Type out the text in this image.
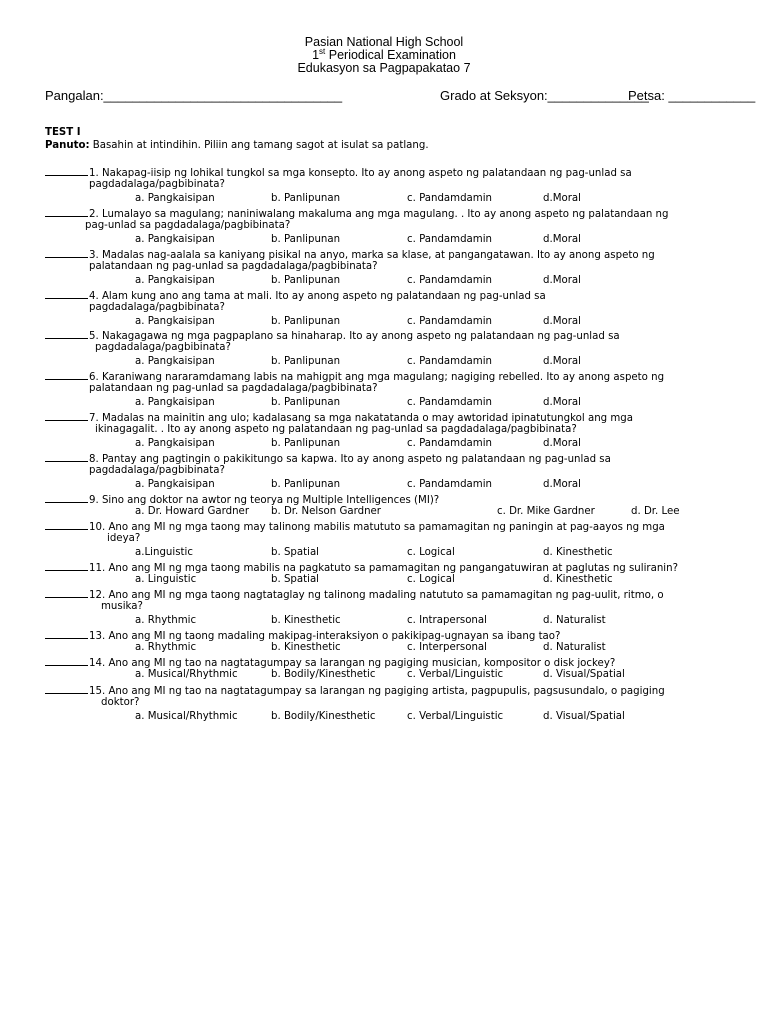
Pasian National High School
1st Periodical Examination
Edukasyon sa Pagpapakatao 7
Pangalan:_________________________________	Grado at Seksyon:______________
Petsa: ____________
TEST I
Panuto: Basahin at intindihin. Piliin ang tamang sagot at isulat sa patlang.
1. Nakapag-iisip ng lohikal tungkol sa mga konsepto. Ito ay anong aspeto ng palatandaan ng pag-unlad sa
pagdadalaga/pagbibinata?
a. Pangkaisipan	b. Panlipunan	c. Pandamdamin	d.Moral
2. Lumalayo sa magulang; naniniwalang makaluma ang mga magulang. . Ito ay anong aspeto ng palatandaan ng
pag-unlad sa pagdadalaga/pagbibinata?
a. Pangkaisipan	b. Panlipunan	c. Pandamdamin	d.Moral
3. Madalas nag-aalala sa kaniyang pisikal na anyo, marka sa klase, at pangangatawan. Ito ay anong aspeto ng
palatandaan ng pag-unlad sa pagdadalaga/pagbibinata?
a. Pangkaisipan	b. Panlipunan	c. Pandamdamin	d.Moral
4. Alam kung ano ang tama at mali. Ito ay anong aspeto ng palatandaan ng pag-unlad sa
pagdadalaga/pagbibinata?
a. Pangkaisipan	b. Panlipunan	c. Pandamdamin	d.Moral
5. Nakagagawa ng mga pagpaplano sa hinaharap. Ito ay anong aspeto ng palatandaan ng pag-unlad sa
pagdadalaga/pagbibinata?
a. Pangkaisipan	b. Panlipunan	c. Pandamdamin	d.Moral
6. Karaniwang nararamdamang labis na mahigpit ang mga magulang; nagiging rebelled. Ito ay anong aspeto ng
palatandaan ng pag-unlad sa pagdadalaga/pagbibinata?
a. Pangkaisipan	b. Panlipunan	c. Pandamdamin	d.Moral
7. Madalas na mainitin ang ulo; kadalasang sa mga nakatatanda o may awtoridad ipinatutungkol ang mga
ikinagagalit. . Ito ay anong aspeto ng palatandaan ng pag-unlad sa pagdadalaga/pagbibinata?
a. Pangkaisipan	b. Panlipunan	c. Pandamdamin	d.Moral
8. Pantay ang pagtingin o pakikitungo sa kapwa. Ito ay anong aspeto ng palatandaan ng pag-unlad sa
pagdadalaga/pagbibinata?
a. Pangkaisipan	b. Panlipunan	c. Pandamdamin	d.Moral
9. Sino ang doktor na awtor ng teorya ng Multiple Intelligences (MI)?
a. Dr. Howard Gardner b. Dr. Nelson Gardner	c. Dr. Mike Gardner	d. Dr. Lee
10. Ano ang MI ng mga taong may talinong mabilis matututo sa pamamagitan ng paningin at pag-aayos ng mga
ideya?
a.Linguistic	b. Spatial	c. Logical	d. Kinesthetic
11. Ano ang MI ng mga taong mabilis na pagkatuto sa pamamagitan ng pangangatuwiran at paglutas ng suliranin?
a. Linguistic	b. Spatial	c. Logical	d. Kinesthetic
12. Ano ang MI ng mga taong nagtataglay ng talinong madaling natututo sa pamamagitan ng pag-uulit, ritmo, o
musika?
a. Rhythmic	b. Kinesthetic	c. Intrapersonal	d. Naturalist
13. Ano ang MI ng taong madaling makipag-interaksiyon o pakikipag-ugnayan sa ibang tao?
a. Rhythmic	b. Kinesthetic	c. Interpersonal	d. Naturalist
14. Ano ang MI ng tao na nagtatagumpay sa larangan ng pagiging musician, kompositor o disk jockey?
a. Musical/Rhythmic	b. Bodily/Kinesthetic	c. Verbal/Linguistic	d. Visual/Spatial
15. Ano ang MI ng tao na nagtatagumpay sa larangan ng pagiging artista, pagpupulis, pagsusundalo, o pagiging
doktor?
a. Musical/Rhythmic	b. Bodily/Kinesthetic	c. Verbal/Linguistic	d. Visual/Spatial
